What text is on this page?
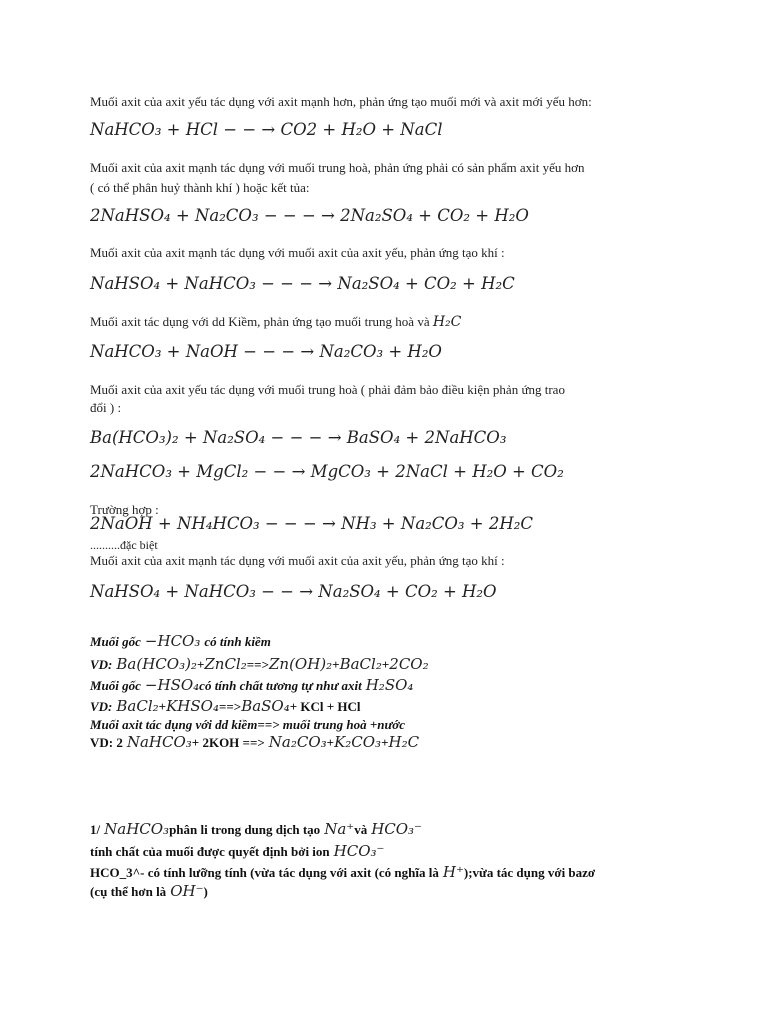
Muối axit của axit yếu tác dụng với axit mạnh hơn, phản ứng tạo muối mới và axit mới yếu hơn:
NaHCO₃ + HCl − − → CO2 + H₂O + NaCl
Muối axit của axit mạnh tác dụng với muối trung hoà, phản ứng phải có sản phẩm axit yếu hơn
( có thể phân huỷ thành khí ) hoặc kết tủa:
2NaHSO₄ + Na₂CO₃ − − − → 2Na₂SO₄ + CO₂ + H₂O
Muối axit của axit mạnh tác dụng với muối axit của axit yếu, phản ứng tạo khí :
NaHSO₄ + NaHCO₃ − − − → Na₂SO₄ + CO₂ + H₂C
Muối axit tác dụng với dd Kiềm, phản ứng tạo muối trung hoà và H₂C
NaHCO₃ + NaOH − − − → Na₂CO₃ + H₂O
Muối axit của axit yếu tác dụng với muối trung hoà ( phải đảm bảo điều kiện phản ứng trao
đổi ) :
Ba(HCO₃)₂ + Na₂SO₄ − − − → BaSO₄ + 2NaHCO₃
2NaHCO₃ + MgCl₂ − − → MgCO₃ + 2NaCl + H₂O + CO₂
Trường hợp :
2NaOH + NH₄HCO₃ − − − → NH₃ + Na₂CO₃ + 2H₂C
..........đặc biệt
Muối axit của axit mạnh tác dụng với muối axit của axit yếu, phản ứng tạo khí :
NaHSO₄ + NaHCO₃ − − → Na₂SO₄ + CO₂ + H₂O
Muối gốc −HCO₃ có tính kiềm
VD: Ba(HCO₃)₂+ZnCl₂==>Zn(OH)₂+BaCl₂+2CO₂
Muối gốc −HSO₄có tính chất tương tự như axit H₂SO₄
VD: BaCl₂+KHSO₄==>BaSO₄+ KCl + HCl
Muối axit tác dụng với dd kiềm==> muối trung hoà +nước
VD: 2 NaHCO₃+ 2KOH ==> Na₂CO₃+K₂CO₃+H₂C
1/ NaHCO₃phân li trong dung dịch tạo Na⁺và HCO₃⁻
tính chất của muối được quyết định bởi ion HCO₃⁻
HCO_3^- có tính lưỡng tính (vừa tác dụng với axit (có nghĩa là H⁺);vừa tác dụng với bazơ
(cụ thể hơn là OH⁻)
